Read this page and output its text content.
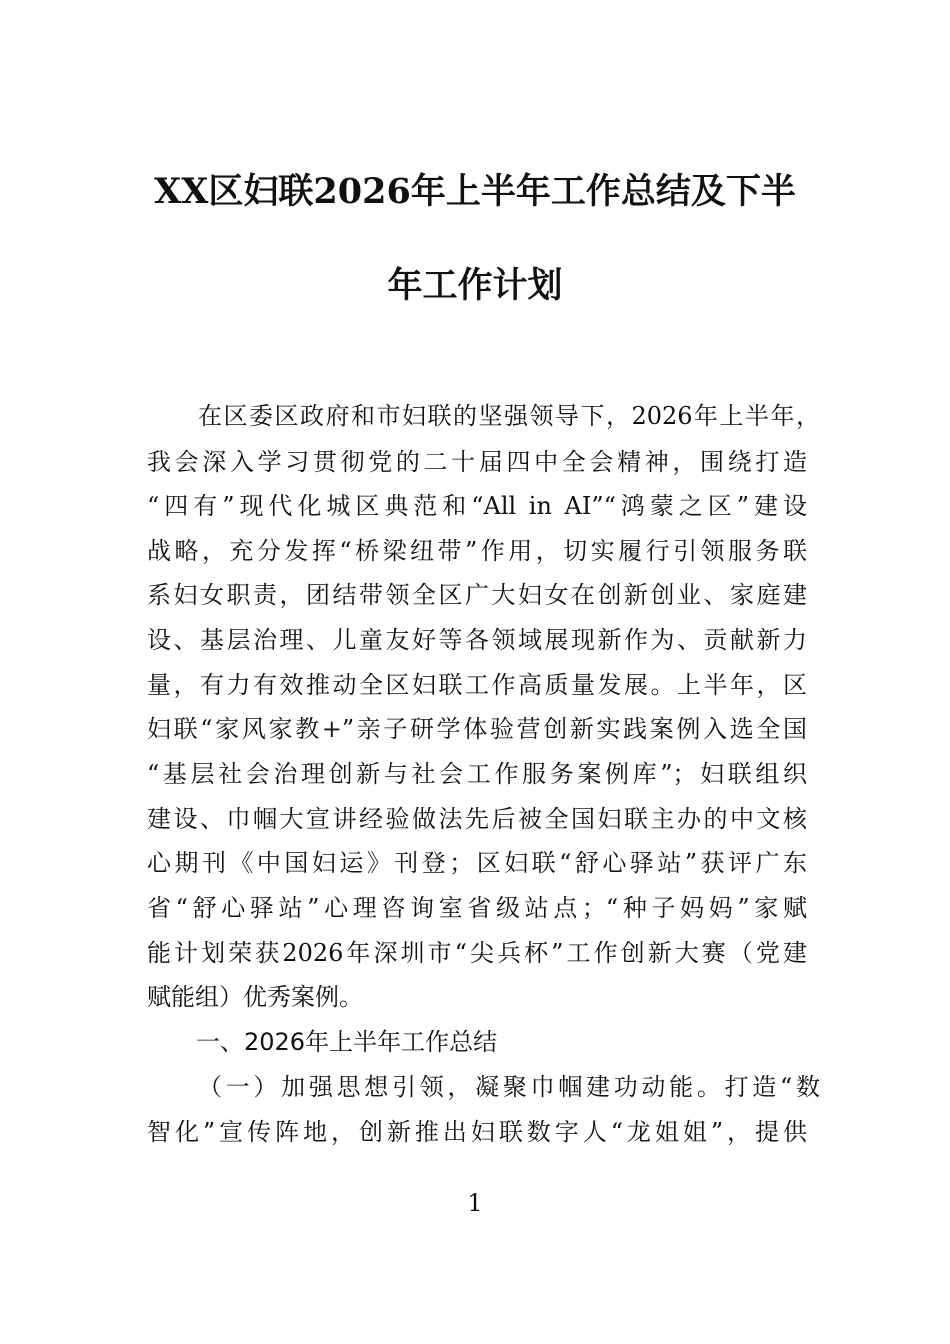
XX区妇联2026年上半年工作总结及下半
年工作计划
在区委区政府和市妇联的坚强领导下，2026年上半年，
我会深入学习贯彻党的二十届四中全会精神，围绕打造
“四有”现代化城区典范和“All in AI”“鸿蒙之区”建设
战略，充分发挥“桥梁纽带”作用，切实履行引领服务联
系妇女职责，团结带领全区广大妇女在创新创业、家庭建
设、基层治理、儿童友好等各领域展现新作为、贡献新力
量，有力有效推动全区妇联工作高质量发展。上半年，区
妇联“家风家教+”亲子研学体验营创新实践案例入选全国
“基层社会治理创新与社会工作服务案例库”；妇联组织
建设、巾帼大宣讲经验做法先后被全国妇联主办的中文核
心期刊《中国妇运》刊登；区妇联“舒心驿站”获评广东
省“舒心驿站”心理咨询室省级站点；“种子妈妈”家赋
能计划荣获2026年深圳市“尖兵杯”工作创新大赛（党建
赋能组）优秀案例。
一、2026年上半年工作总结
（一）加强思想引领，凝聚巾帼建功动能。打造“数
智化”宣传阵地，创新推出妇联数字人“龙姐姐”，提供
1
